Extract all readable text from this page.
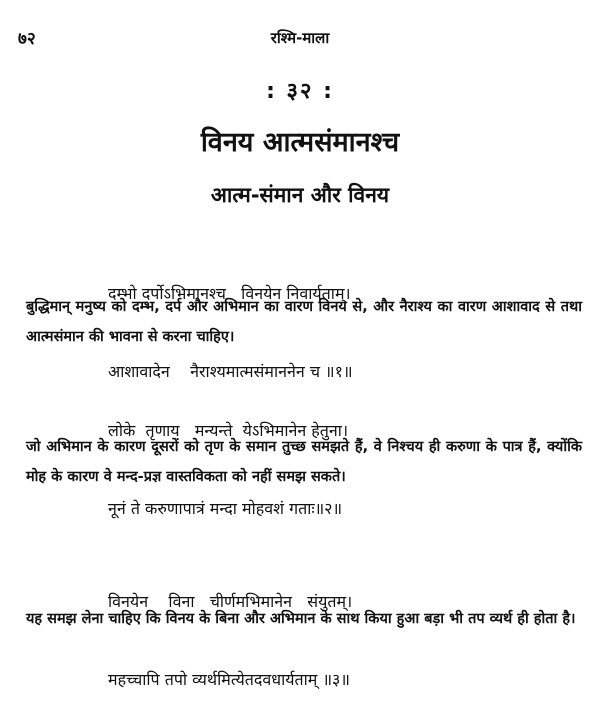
७२	रश्मि-माला
: ३२ :
विनय आत्मसंमानश्च
आत्म-संमान और विनय

दम्भो दर्पोऽभिमानश्च   विनयेन निवार्यताम्।

आशावादेन    नैराश्यमात्मसंमाननेन च ॥१॥

बुद्धिमान् मनुष्य को दम्भ, दर्प और अभिमान का वारण विनय से, और नैराश्य का वारण आशावाद से तथा आत्मसंमान की भावना से करना चाहिए।

लोके  तृणाय   मन्यन्ते  येऽभिमानेन हेतुना।

नूनं ते करुणापात्रं मन्दा मोहवशं गताः॥२॥

जो अभिमान के कारण दूसरों को तृण के समान तुच्छ समझते हैं, वे निश्चय ही करुणा के पात्र हैं, क्योंकि मोह के कारण वे मन्द-प्रज्ञ वास्तविकता को नहीं समझ सकते।

विनयेन    विना   चीर्णमभिमानेन   संयुतम्।

महच्चापि तपो व्यर्थमित्येतदवधार्यताम् ॥३॥

यह समझ लेना चाहिए कि विनय के बिना और अभिमान के साथ किया हुआ बड़ा भी तप व्यर्थ ही होता है।
